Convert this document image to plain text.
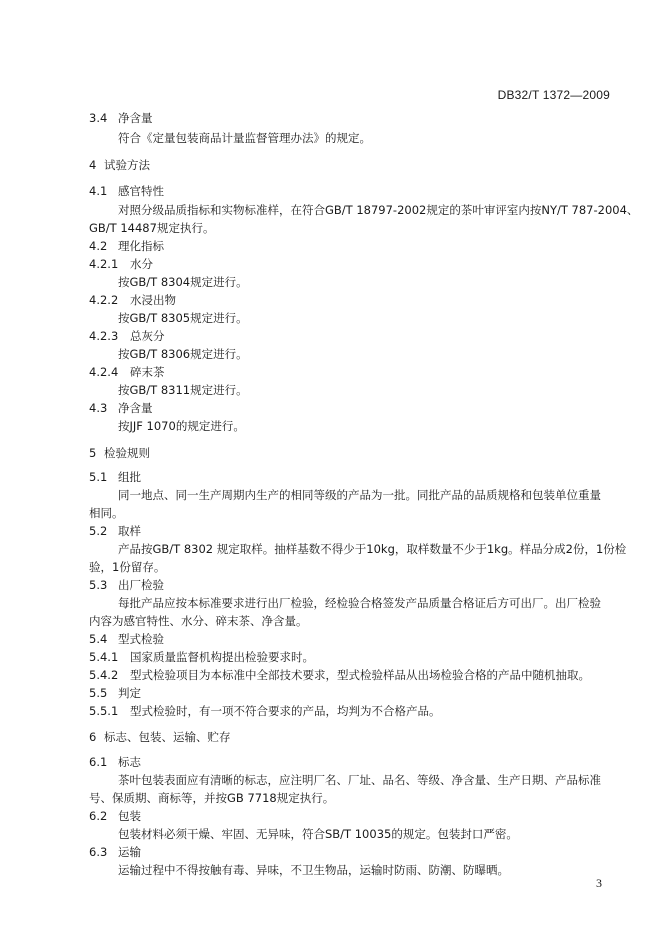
DB32/T 1372—2009
3.4 净含量
符合《定量包装商品计量监督管理办法》的规定。
4 试验方法
4.1 感官特性
对照分级品质指标和实物标准样，在符合GB/T 18797-2002规定的茶叶审评室内按NY/T 787-2004、
GB/T 14487规定执行。
4.2 理化指标
4.2.1 水分
按GB/T 8304规定进行。
4.2.2 水浸出物
按GB/T 8305规定进行。
4.2.3 总灰分
按GB/T 8306规定进行。
4.2.4 碎末茶
按GB/T 8311规定进行。
4.3 净含量
按JJF 1070的规定进行。
5 检验规则
5.1 组批
同一地点、同一生产周期内生产的相同等级的产品为一批。同批产品的品质规格和包装单位重量
相同。
5.2 取样
产品按GB/T 8302 规定取样。抽样基数不得少于10kg，取样数量不少于1kg。样品分成2份，1份检
验，1份留存。
5.3 出厂检验
每批产品应按本标准要求进行出厂检验，经检验合格签发产品质量合格证后方可出厂。出厂检验
内容为感官特性、水分、碎末茶、净含量。
5.4 型式检验
5.4.1 国家质量监督机构提出检验要求时。
5.4.2 型式检验项目为本标准中全部技术要求，型式检验样品从出场检验合格的产品中随机抽取。
5.5 判定
5.5.1 型式检验时，有一项不符合要求的产品，均判为不合格产品。
6 标志、包装、运输、贮存
6.1 标志
茶叶包装表面应有清晰的标志，应注明厂名、厂址、品名、等级、净含量、生产日期、产品标准
号、保质期、商标等，并按GB 7718规定执行。
6.2 包装
包装材料必须干燥、牢固、无异味，符合SB/T 10035的规定。包装封口严密。
6.3 运输
运输过程中不得按触有毒、异味，不卫生物品，运输时防雨、防潮、防曝晒。
3
